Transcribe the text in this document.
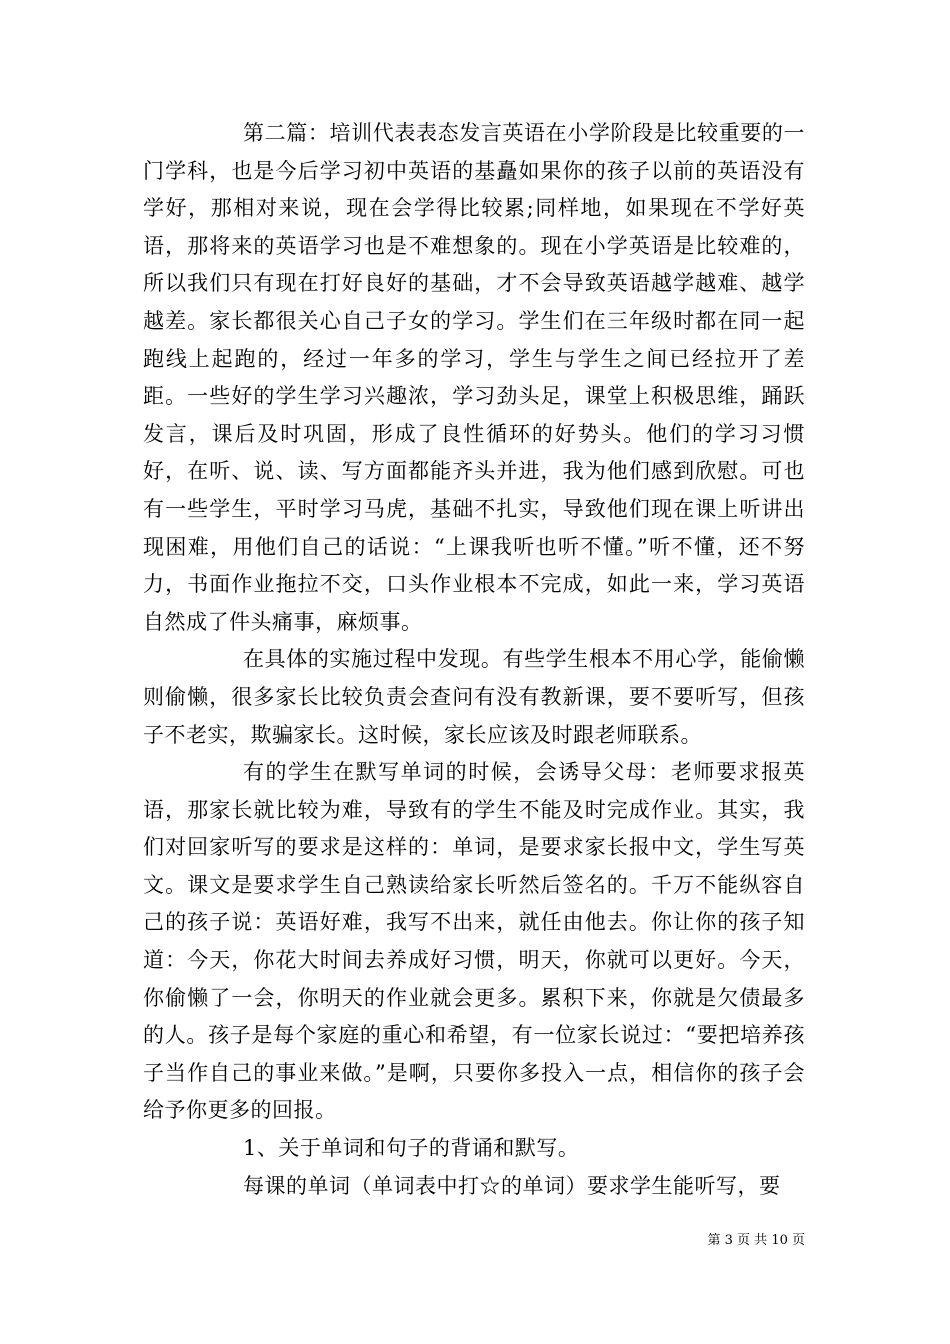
第二篇：培训代表表态发言英语在小学阶段是比较重要的一门学科，也是今后学习初中英语的基矗如果你的孩子以前的英语没有学好，那相对来说，现在会学得比较累;同样地，如果现在不学好英语，那将来的英语学习也是不难想象的。现在小学英语是比较难的，所以我们只有现在打好良好的基础，才不会导致英语越学越难、越学越差。家长都很关心自己子女的学习。学生们在三年级时都在同一起跑线上起跑的，经过一年多的学习，学生与学生之间已经拉开了差距。一些好的学生学习兴趣浓，学习劲头足，课堂上积极思维，踊跃发言，课后及时巩固，形成了良性循环的好势头。他们的学习习惯好，在听、说、读、写方面都能齐头并进，我为他们感到欣慰。可也有一些学生，平时学习马虎，基础不扎实，导致他们现在课上听讲出现困难，用他们自己的话说：“上课我听也听不懂。”听不懂，还不努力，书面作业拖拉不交，口头作业根本不完成，如此一来，学习英语自然成了件头痛事，麻烦事。

在具体的实施过程中发现。有些学生根本不用心学，能偷懒则偷懒，很多家长比较负责会查问有没有教新课，要不要听写，但孩子不老实，欺骗家长。这时候，家长应该及时跟老师联系。

有的学生在默写单词的时候，会诱导父母：老师要求报英语，那家长就比较为难，导致有的学生不能及时完成作业。其实，我们对回家听写的要求是这样的：单词，是要求家长报中文，学生写英文。课文是要求学生自己熟读给家长听然后签名的。千万不能纵容自己的孩子说：英语好难，我写不出来，就任由他去。你让你的孩子知道：今天，你花大时间去养成好习惯，明天，你就可以更好。今天，你偷懒了一会，你明天的作业就会更多。累积下来，你就是欠债最多的人。孩子是每个家庭的重心和希望，有一位家长说过：“要把培养孩子当作自己的事业来做。”是啊，只要你多投入一点，相信你的孩子会给予你更多的回报。

1、关于单词和句子的背诵和默写。

每课的单词（单词表中打☆的单词）要求学生能听写，要

第 3 页 共 10 页
